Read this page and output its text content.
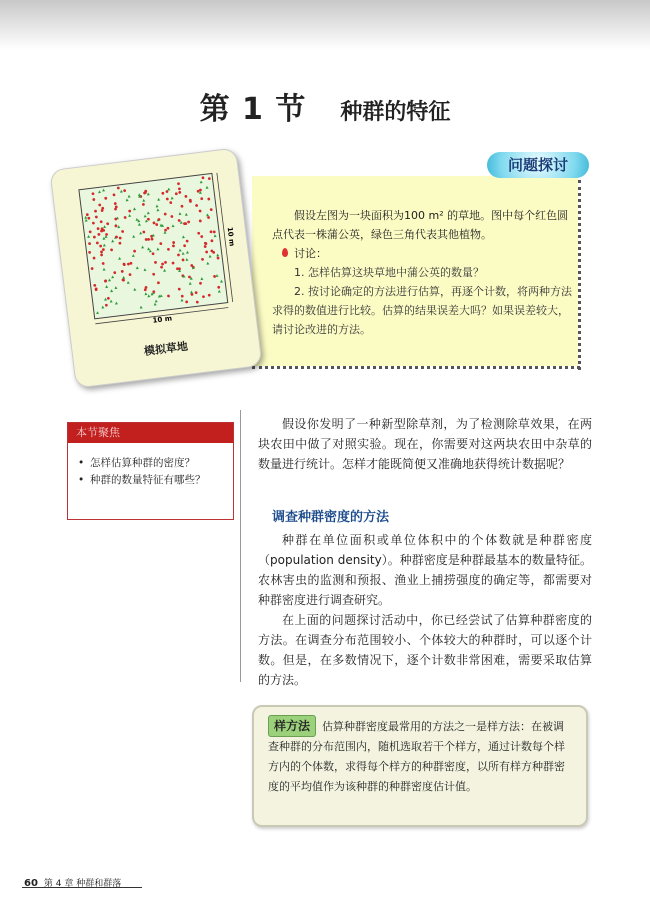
第 1 节 种群的特征
问题探讨

假设左图为一块面积为100 m² 的草地。图中每个红色圆点代表一株蒲公英，绿色三角代表其他植物。

讨论：

1. 怎样估算这块草地中蒲公英的数量？

2. 按讨论确定的方法进行估算，再逐个计数，将两种方法求得的数值进行比较。估算的结果误差大吗？如果误差较大，请讨论改进的方法。

10 m
10 m
模拟草地
本节聚焦
• 怎样估算种群的密度？
• 种群的数量特征有哪些？

假设你发明了一种新型除草剂，为了检测除草效果，在两块农田中做了对照实验。现在，你需要对这两块农田中杂草的数量进行统计。怎样才能既简便又准确地获得统计数据呢？

调查种群密度的方法

种群在单位面积或单位体积中的个体数就是种群密度（population density）。种群密度是种群最基本的数量特征。农林害虫的监测和预报、渔业上捕捞强度的确定等，都需要对种群密度进行调查研究。

在上面的问题探讨活动中，你已经尝试了估算种群密度的方法。在调查分布范围较小、个体较大的种群时，可以逐个计数。但是，在多数情况下，逐个计数非常困难，需要采取估算的方法。

样方法 估算种群密度最常用的方法之一是样方法：在被调查种群的分布范围内，随机选取若干个样方，通过计数每个样方内的个体数，求得每个样方的种群密度，以所有样方种群密度的平均值作为该种群的种群密度估计值。
60 第 4 章 种群和群落
